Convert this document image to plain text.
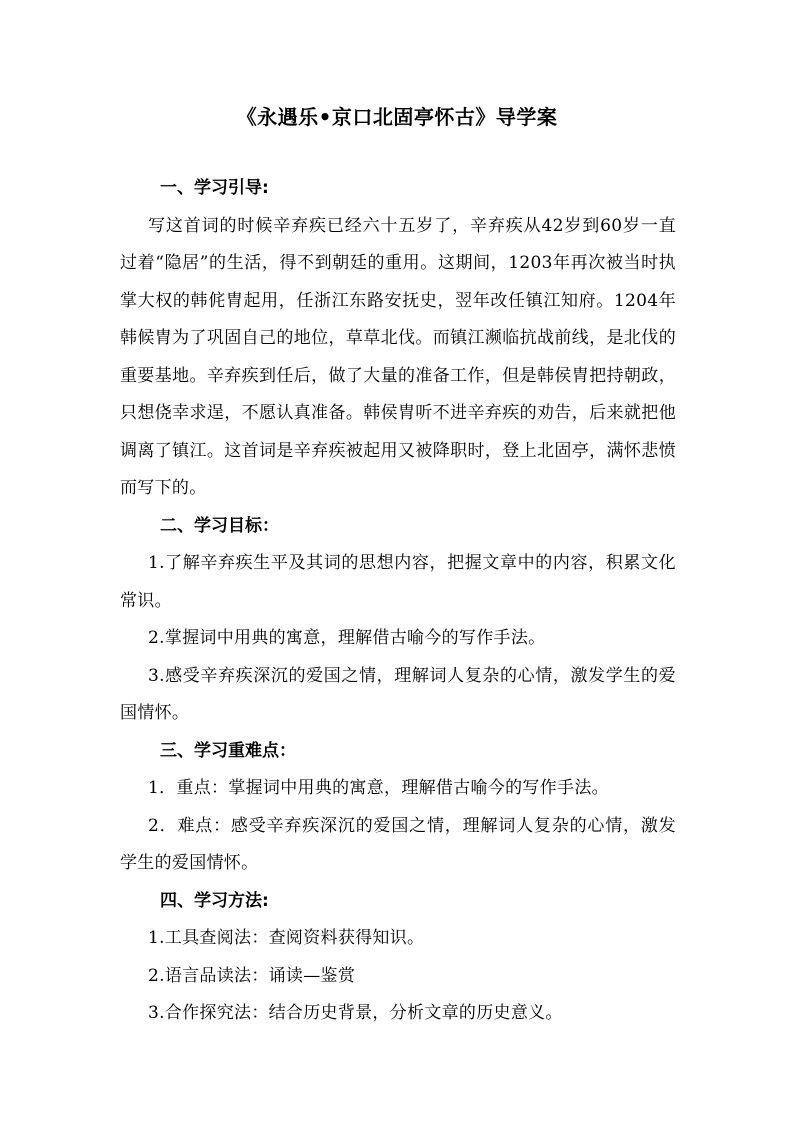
《永遇乐•京口北固亭怀古》导学案

一、学习引导:

写这首词的时候辛弃疾已经六十五岁了，辛弃疾从42岁到60岁一直过着“隐居”的生活，得不到朝廷的重用。这期间，1203年再次被当时执掌大权的韩侂胄起用，任浙江东路安抚史，翌年改任镇江知府。1204年韩候胄为了巩固自己的地位，草草北伐。而镇江濒临抗战前线，是北伐的重要基地。辛弃疾到任后，做了大量的准备工作，但是韩侯胄把持朝政，只想侥幸求逞，不愿认真准备。韩侯胄听不进辛弃疾的劝告，后来就把他调离了镇江。这首词是辛弃疾被起用又被降职时，登上北固亭，满怀悲愤而写下的。

二、学习目标：

1.了解辛弃疾生平及其词的思想内容，把握文章中的内容，积累文化常识。

2.掌握词中用典的寓意，理解借古喻今的写作手法。

3.感受辛弃疾深沉的爱国之情，理解词人复杂的心情，激发学生的爱国情怀。

三、学习重难点：

1．重点：掌握词中用典的寓意，理解借古喻今的写作手法。

2．难点：感受辛弃疾深沉的爱国之情，理解词人复杂的心情，激发学生的爱国情怀。

四、学习方法:

1.工具查阅法：查阅资料获得知识。

2.语言品读法：诵读—鉴赏

3.合作探究法：结合历史背景，分析文章的历史意义。
